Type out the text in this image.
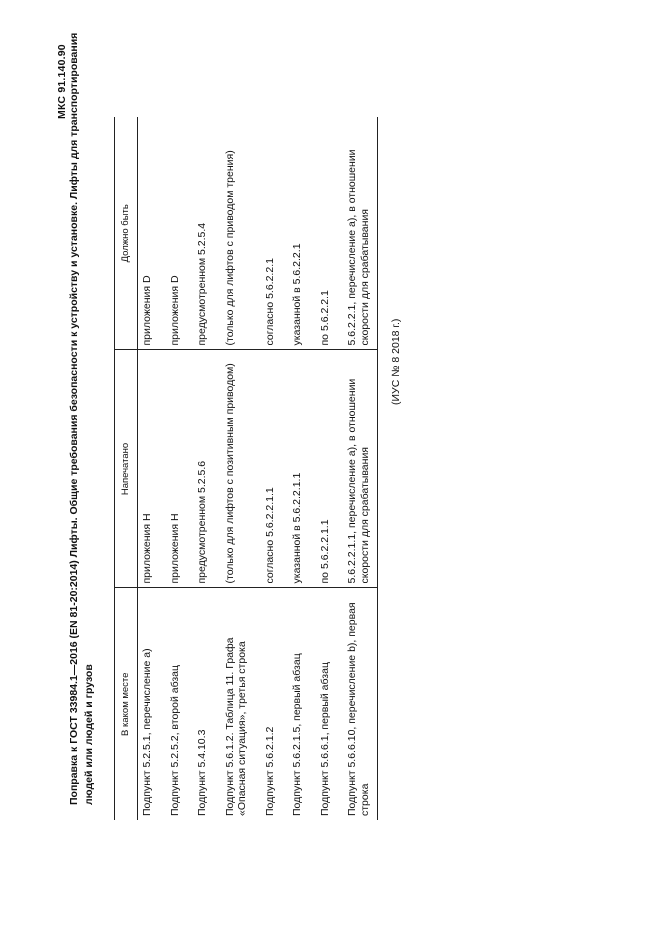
МКС 91.140.90 Поправка к ГОСТ 33984.1—2016 (EN 81-20:2014) Лифты. Общие требования безопасности к устройству и установке. Лифты для транспортирования людей или людей и грузов	В каком месте	Напечатано	Должно быть
Подпункт 5.2.5.1, перечисление а)	приложения Н	приложения D
Подпункт 5.2.5.2, второй абзац	приложения Н	приложения D
Подпункт 5.4.10.3	предусмотренном 5.2.5.6	предусмотренном 5.2.5.4
Подпункт 5.6.1.2. Таблица 11. Графа «Опасная ситуация», третья строка	(только для лифтов с позитивным приводом)	(только для лифтов с приводом трения)
Подпункт 5.6.2.1.2	согласно 5.6.2.2.1.1	согласно 5.6.2.2.1
Подпункт 5.6.2.1.5, первый абзац	указанной в 5.6.2.2.1.1	указанной в 5.6.2.2.1
Подпункт 5.6.6.1, первый абзац	по 5.6.2.2.1.1	по 5.6.2.2.1
Подпункт 5.6.6.10, перечисление b), первая строка	5.6.2.2.1.1, перечисление а), в отношении скорости для срабатывания	5.6.2.2.1, перечисление а), в отношении скорости для срабатывания
(ИУС № 8 2018 г.)
